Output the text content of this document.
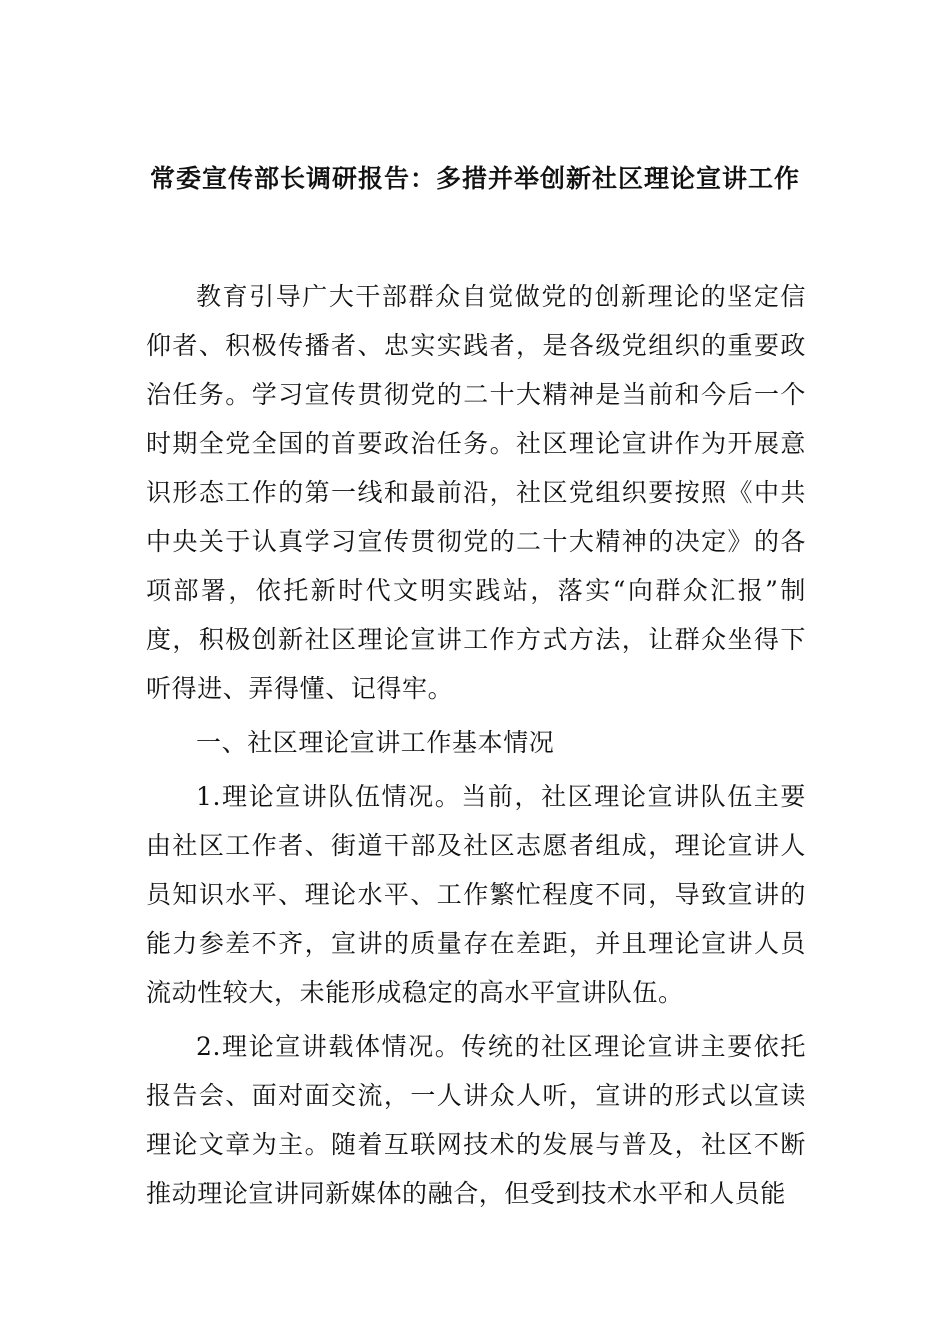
常委宣传部长调研报告：多措并举创新社区理论宣讲工作

教育引导广大干部群众自觉做党的创新理论的坚定信仰者、积极传播者、忠实实践者，是各级党组织的重要政治任务。学习宣传贯彻党的二十大精神是当前和今后一个时期全党全国的首要政治任务。社区理论宣讲作为开展意识形态工作的第一线和最前沿，社区党组织要按照《中共中央关于认真学习宣传贯彻党的二十大精神的决定》的各项部署，依托新时代文明实践站，落实“向群众汇报”制度，积极创新社区理论宣讲工作方式方法，让群众坐得下听得进、弄得懂、记得牢。

一、社区理论宣讲工作基本情况

1.理论宣讲队伍情况。当前，社区理论宣讲队伍主要由社区工作者、街道干部及社区志愿者组成，理论宣讲人员知识水平、理论水平、工作繁忙程度不同，导致宣讲的能力参差不齐，宣讲的质量存在差距，并且理论宣讲人员流动性较大，未能形成稳定的高水平宣讲队伍。

2.理论宣讲载体情况。传统的社区理论宣讲主要依托报告会、面对面交流，一人讲众人听，宣讲的形式以宣读理论文章为主。随着互联网技术的发展与普及，社区不断推动理论宣讲同新媒体的融合，但受到技术水平和人员能
